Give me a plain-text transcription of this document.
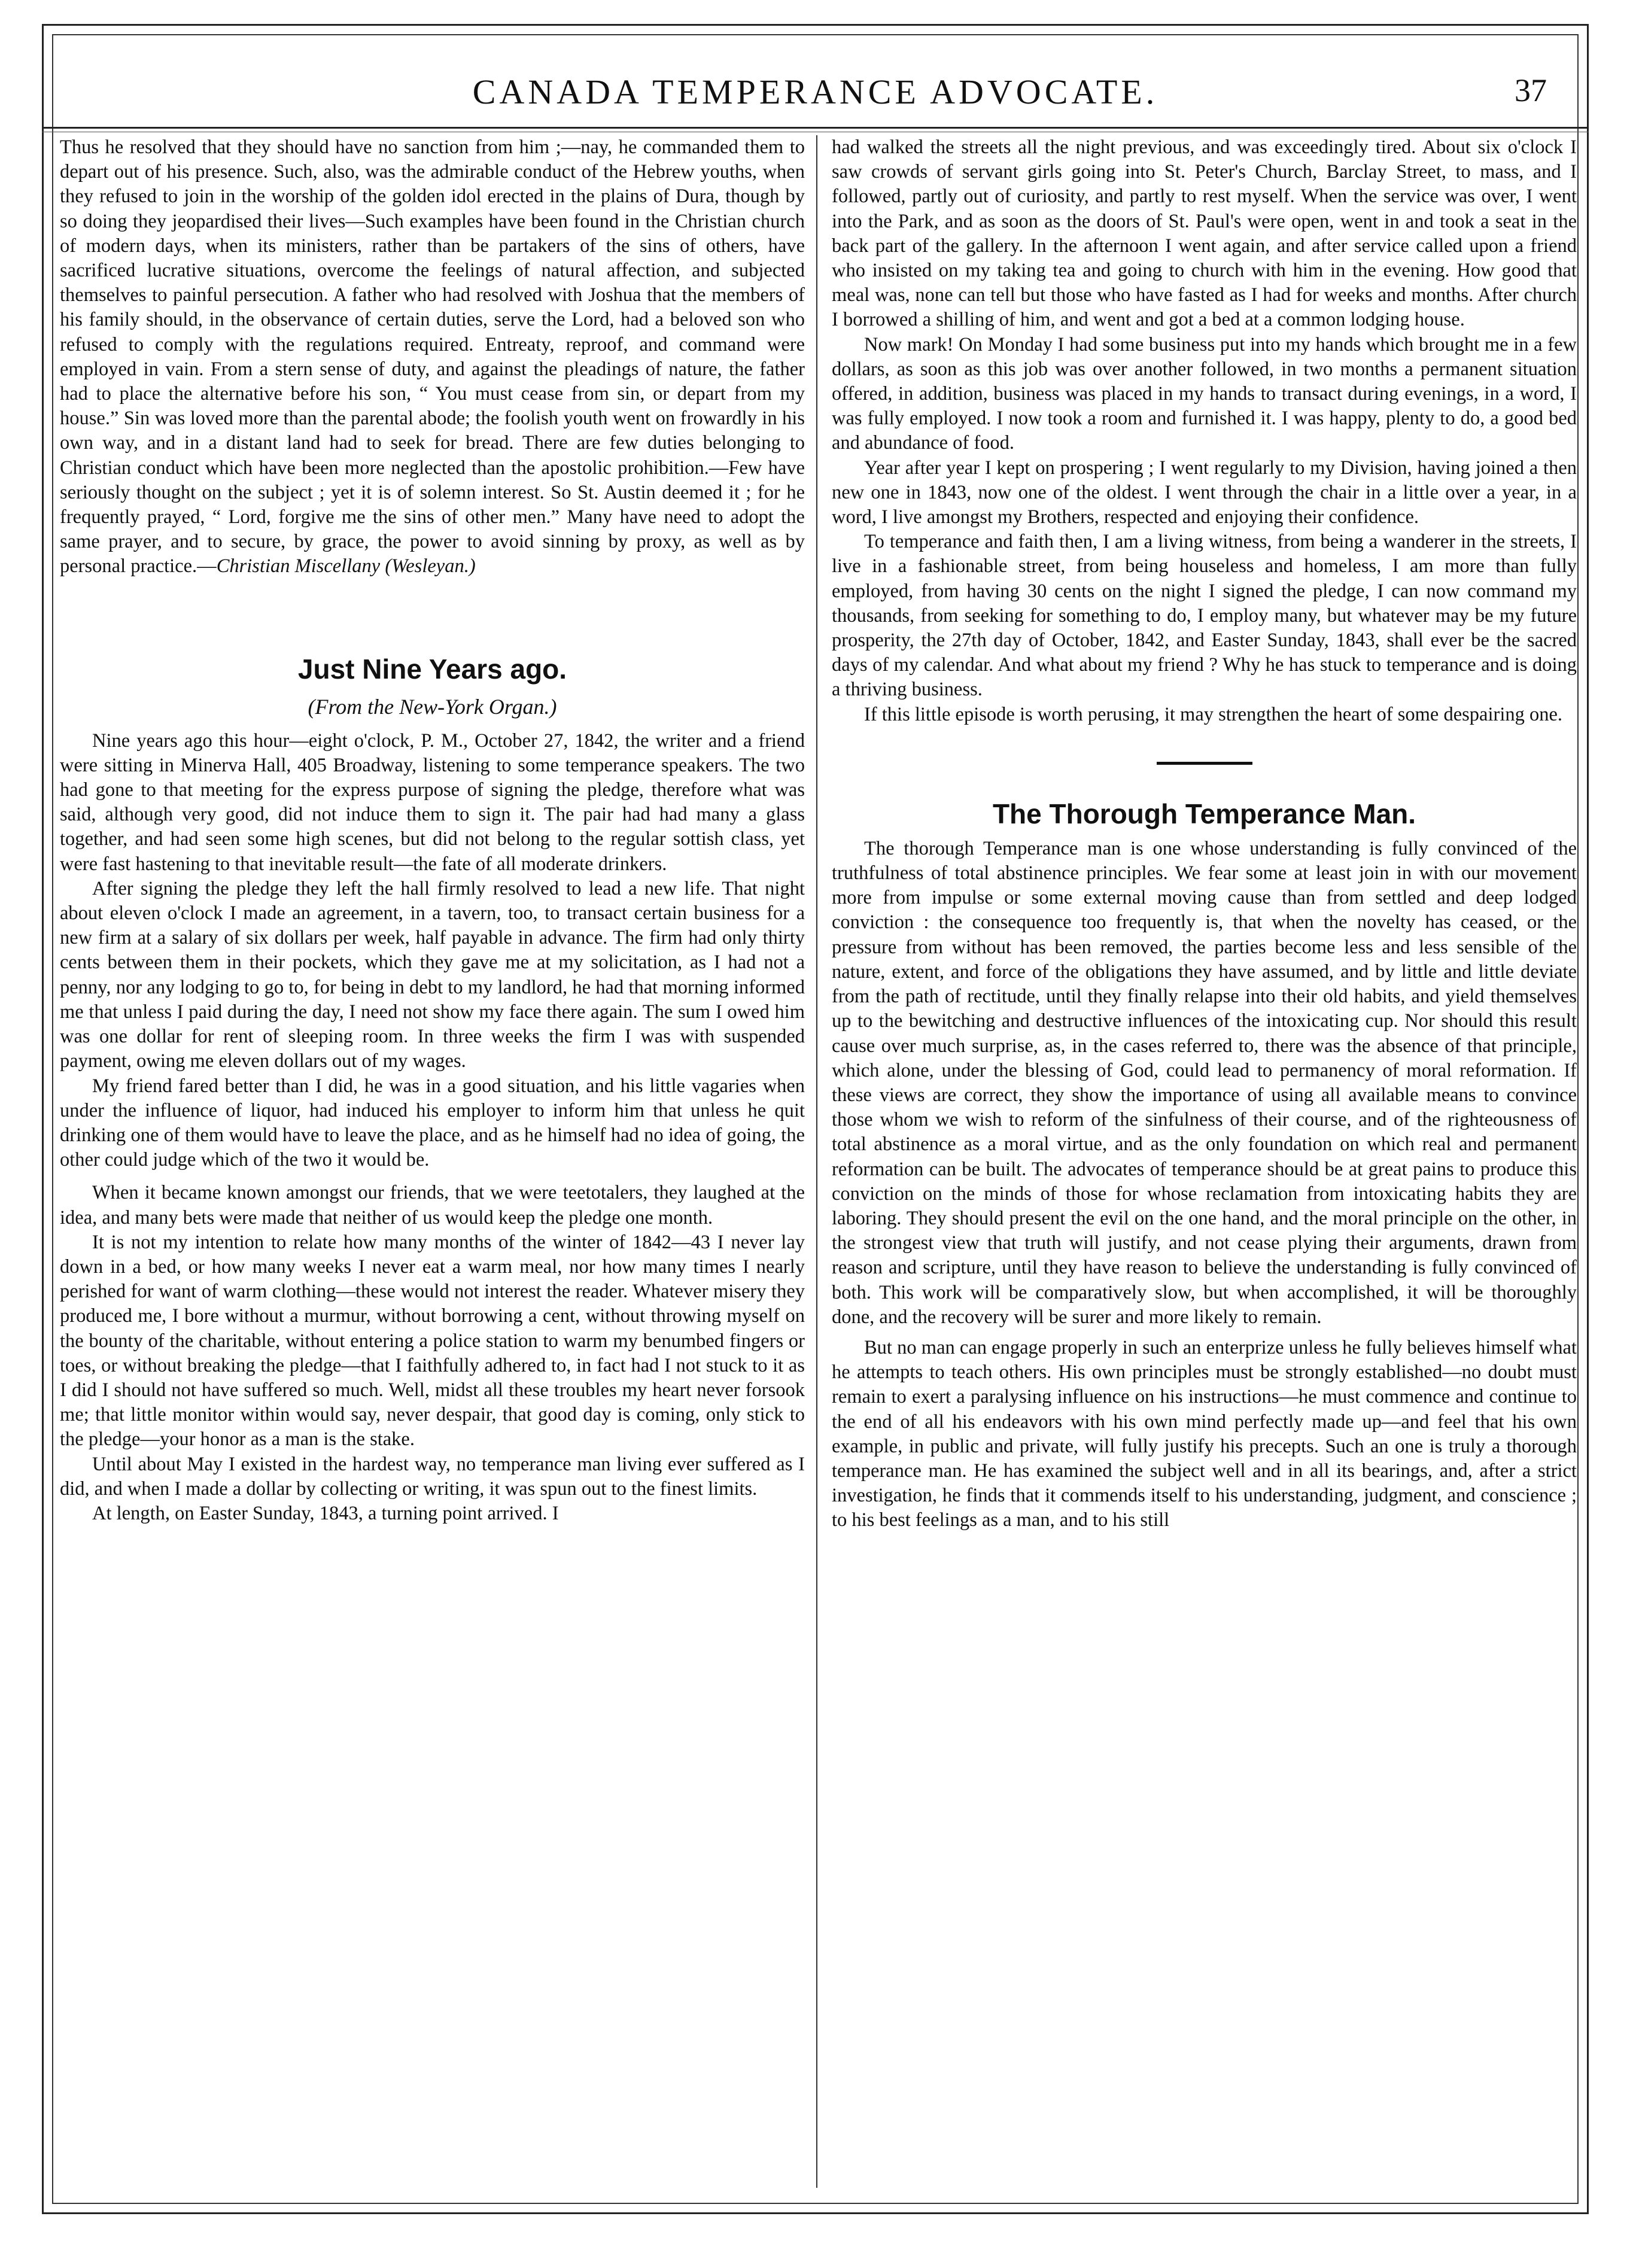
CANADA TEMPERANCE ADVOCATE.	37

Thus he resolved that they should have no sanction from him ;—nay, he commanded them to depart out of his presence. Such, also, was the admirable conduct of the Hebrew youths, when they refused to join in the worship of the golden idol erected in the plains of Dura, though by so doing they jeopardised their lives—Such examples have been found in the Christian church of modern days, when its ministers, rather than be partakers of the sins of others, have sacrificed lucrative situations, overcome the feelings of natural affection, and subjected themselves to painful persecution. A father who had resolved with Joshua that the members of his family should, in the observance of certain duties, serve the Lord, had a beloved son who refused to comply with the regulations required. Entreaty, reproof, and command were employed in vain. From a stern sense of duty, and against the pleadings of nature, the father had to place the alternative before his son, “ You must cease from sin, or depart from my house.” Sin was loved more than the parental abode; the foolish youth went on frowardly in his own way, and in a distant land had to seek for bread. There are few duties belonging to Christian conduct which have been more neglected than the apostolic prohibition.—Few have seriously thought on the subject ; yet it is of solemn interest. So St. Austin deemed it ; for he frequently prayed, “ Lord, forgive me the sins of other men.” Many have need to adopt the same prayer, and to secure, by grace, the power to avoid sinning by proxy, as well as by personal practice.—Christian Miscellany (Wesleyan.)

Just Nine Years ago.
(From the New-York Organ.)

Nine years ago this hour—eight o'clock, P. M., October 27, 1842, the writer and a friend were sitting in Minerva Hall, 405 Broadway, listening to some temperance speakers. The two had gone to that meeting for the express purpose of signing the pledge, therefore what was said, although very good, did not induce them to sign it. The pair had had many a glass together, and had seen some high scenes, but did not belong to the regular sottish class, yet were fast hastening to that inevitable result—the fate of all moderate drinkers.

After signing the pledge they left the hall firmly resolved to lead a new life. That night about eleven o'clock I made an agreement, in a tavern, too, to transact certain business for a new firm at a salary of six dollars per week, half payable in advance. The firm had only thirty cents between them in their pockets, which they gave me at my solicitation, as I had not a penny, nor any lodging to go to, for being in debt to my landlord, he had that morning informed me that unless I paid during the day, I need not show my face there again. The sum I owed him was one dollar for rent of sleeping room. In three weeks the firm I was with suspended payment, owing me eleven dollars out of my wages.

My friend fared better than I did, he was in a good situation, and his little vagaries when under the influence of liquor, had induced his employer to inform him that unless he quit drinking one of them would have to leave the place, and as he himself had no idea of going, the other could judge which of the two it would be.

When it became known amongst our friends, that we were teetotalers, they laughed at the idea, and many bets were made that neither of us would keep the pledge one month.

It is not my intention to relate how many months of the winter of 1842—43 I never lay down in a bed, or how many weeks I never eat a warm meal, nor how many times I nearly perished for want of warm clothing—these would not interest the reader. Whatever misery they produced me, I bore without a murmur, without borrowing a cent, without throwing myself on the bounty of the charitable, without entering a police station to warm my benumbed fingers or toes, or without breaking the pledge—that I faithfully adhered to, in fact had I not stuck to it as I did I should not have suffered so much. Well, midst all these troubles my heart never forsook me; that little monitor within would say, never despair, that good day is coming, only stick to the pledge—your honor as a man is the stake.

Until about May I existed in the hardest way, no temperance man living ever suffered as I did, and when I made a dollar by collecting or writing, it was spun out to the finest limits.

At length, on Easter Sunday, 1843, a turning point arrived. I

had walked the streets all the night previous, and was exceedingly tired. About six o'clock I saw crowds of servant girls going into St. Peter's Church, Barclay Street, to mass, and I followed, partly out of curiosity, and partly to rest myself. When the service was over, I went into the Park, and as soon as the doors of St. Paul's were open, went in and took a seat in the back part of the gallery. In the afternoon I went again, and after service called upon a friend who insisted on my taking tea and going to church with him in the evening. How good that meal was, none can tell but those who have fasted as I had for weeks and months. After church I borrowed a shilling of him, and went and got a bed at a common lodging house.

Now mark! On Monday I had some business put into my hands which brought me in a few dollars, as soon as this job was over another followed, in two months a permanent situation offered, in addition, business was placed in my hands to transact during evenings, in a word, I was fully employed. I now took a room and furnished it. I was happy, plenty to do, a good bed and abundance of food.

Year after year I kept on prospering ; I went regularly to my Division, having joined a then new one in 1843, now one of the oldest. I went through the chair in a little over a year, in a word, I live amongst my Brothers, respected and enjoying their confidence.

To temperance and faith then, I am a living witness, from being a wanderer in the streets, I live in a fashionable street, from being houseless and homeless, I am more than fully employed, from having 30 cents on the night I signed the pledge, I can now command my thousands, from seeking for something to do, I employ many, but whatever may be my future prosperity, the 27th day of October, 1842, and Easter Sunday, 1843, shall ever be the sacred days of my calendar. And what about my friend ? Why he has stuck to temperance and is doing a thriving business.

If this little episode is worth perusing, it may strengthen the heart of some despairing one.

The Thorough Temperance Man.

The thorough Temperance man is one whose understanding is fully convinced of the truthfulness of total abstinence principles. We fear some at least join in with our movement more from impulse or some external moving cause than from settled and deep lodged conviction : the consequence too frequently is, that when the novelty has ceased, or the pressure from without has been removed, the parties become less and less sensible of the nature, extent, and force of the obligations they have assumed, and by little and little deviate from the path of rectitude, until they finally relapse into their old habits, and yield themselves up to the bewitching and destructive influences of the intoxicating cup. Nor should this result cause over much surprise, as, in the cases referred to, there was the absence of that principle, which alone, under the blessing of God, could lead to permanency of moral reformation. If these views are correct, they show the importance of using all available means to convince those whom we wish to reform of the sinfulness of their course, and of the righteousness of total abstinence as a moral virtue, and as the only foundation on which real and permanent reformation can be built. The advocates of temperance should be at great pains to produce this conviction on the minds of those for whose reclamation from intoxicating habits they are laboring. They should present the evil on the one hand, and the moral principle on the other, in the strongest view that truth will justify, and not cease plying their arguments, drawn from reason and scripture, until they have reason to believe the understanding is fully convinced of both. This work will be comparatively slow, but when accomplished, it will be thoroughly done, and the recovery will be surer and more likely to remain.

But no man can engage properly in such an enterprize unless he fully believes himself what he attempts to teach others. His own principles must be strongly established—no doubt must remain to exert a paralysing influence on his instructions—he must commence and continue to the end of all his endeavors with his own mind perfectly made up—and feel that his own example, in public and private, will fully justify his precepts. Such an one is truly a thorough temperance man. He has examined the subject well and in all its bearings, and, after a strict investigation, he finds that it commends itself to his understanding, judgment, and conscience ; to his best feelings as a man, and to his still
